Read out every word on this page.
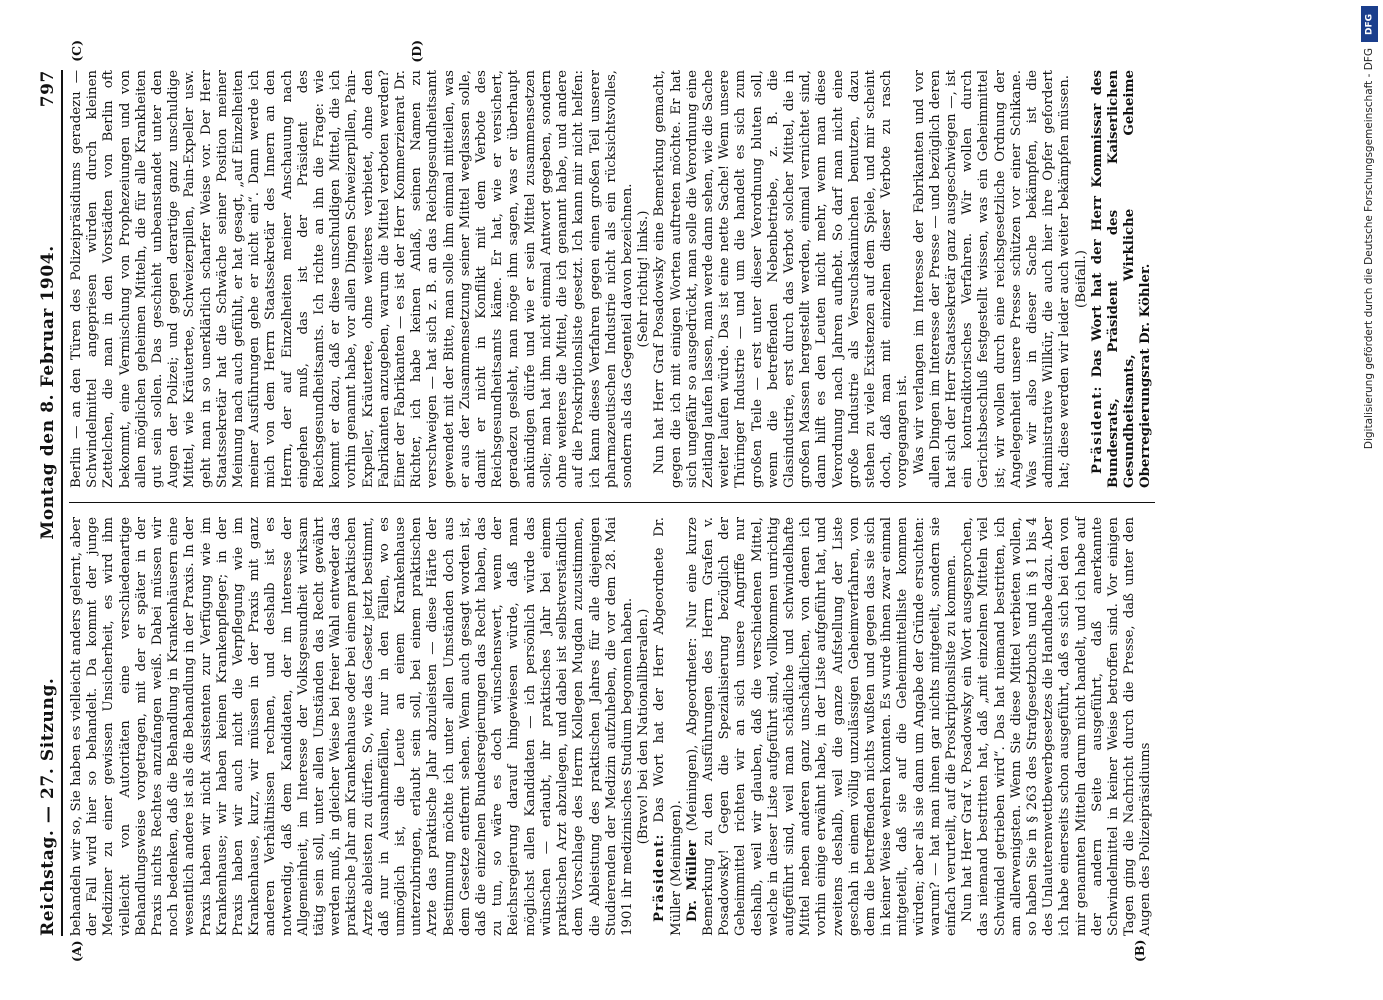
Reichstag. — 27. Sitzung.
Montag den 8. Februar 1904.
797
(A)	(B)

behandeln wir so, Sie haben es vielleicht anders gelernt, aber der Fall wird hier so behandelt. Da kommt der junge Mediziner zu einer gewissen Unsicherheit, es wird ihm vielleicht von Autoritäten eine verschiedenartige Behandlungsweise vorgetragen, mit der er später in der Praxis nichts Rechtes anzufangen weiß. Dabei müssen wir noch bedenken, daß die Behandlung in Krankenhäusern eine wesentlich andere ist als die Behandlung in der Praxis. In der Praxis haben wir nicht Assistenten zur Verfügung wie im Krankenhause; wir haben keinen Krankenpfleger; in der Praxis haben wir auch nicht die Verpflegung wie im Krankenhause, kurz, wir müssen in der Praxis mit ganz anderen Verhältnissen rechnen, und deshalb ist es notwendig, daß dem Kandidaten, der im Interesse der Allgemeinheit, im Interesse der Volksgesundheit wirksam tätig sein soll, unter allen Umständen das Recht gewährt werden muß, in gleicher Weise bei freier Wahl entweder das praktische Jahr am Krankenhause oder bei einem praktischen Arzte ableisten zu dürfen. So, wie das Gesetz jetzt bestimmt, daß nur in Ausnahmefällen, nur in den Fällen, wo es unmöglich ist, die Leute an einem Krankenhause unterzubringen, erlaubt sein soll, bei einem praktischen Arzte das praktische Jahr abzuleisten — diese Härte der Bestimmung möchte ich unter allen Umständen doch aus dem Gesetze entfernt sehen. Wenn auch gesagt worden ist, daß die einzelnen Bundesregierungen das Recht haben, das zu tun, so wäre es doch wünschenswert, wenn der Reichsregierung darauf hingewiesen würde, daß man möglichst allen Kandidaten — ich persönlich würde das wünschen — erlaubt, ihr praktisches Jahr bei einem praktischen Arzt abzulegen, und dabei ist selbstverständlich dem Vorschlage des Herrn Kollegen Mugdan zuzustimmen, die Ableistung des praktischen Jahres für alle diejenigen Studierenden der Medizin aufzuheben, die vor dem 28. Mai 1901 ihr medizinisches Studium begonnen haben. (Bravo! bei den Nationalliberalen.)

Präsident: Das Wort hat der Herr Abgeordnete Dr. Müller (Meiningen). Dr. Müller (Meiningen), Abgeordneter: Nur eine kurze Bemerkung zu den Ausführungen des Herrn Grafen v. Posadowsky! Gegen die Spezialisierung bezüglich der Geheimmittel richten wir an sich unsere Angriffe nur deshalb, weil wir glauben, daß die verschiedenen Mittel, welche in dieser Liste aufgeführt sind, vollkommen unrichtig aufgeführt sind, weil man schädliche und schwindelhafte Mittel neben anderen ganz unschädlichen, von denen ich vorhin einige erwähnt habe, in der Liste aufgeführt hat, und zweitens deshalb, weil die ganze Aufstellung der Liste geschah in einem völlig unzulässigen Geheimverfahren, von dem die betreffenden nichts wußten und gegen das sie sich in keiner Weise wehren konnten. Es wurde ihnen zwar einmal mitgeteilt, daß sie auf die Geheimmittelliste kommen würden; aber als sie dann um Angabe der Gründe ersuchten: warum? — hat man ihnen gar nichts mitgeteilt, sondern sie einfach verurteilt, auf die Proskriptionsliste zu kommen. Nun hat Herr Graf v. Posadowsky ein Wort ausgesprochen, das niemand bestritten hat, daß „mit einzelnen Mitteln viel Schwindel getrieben wird“. Das hat niemand bestritten, ich am allerwenigsten. Wenn Sie diese Mittel verbieten wollen, so haben Sie in § 263 des Strafgesetzbuchs und in § 1 bis 4 des Unlauterenwettbewerbgesetzes die Handhabe dazu. Aber ich habe einerseits schon ausgeführt, daß es sich bei den von mir genannten Mitteln darum nicht handelt, und ich habe auf der andern Seite ausgeführt, daß anerkannte Schwindelmittel in keiner Weise betroffen sind. Vor einigen Tagen ging die Nachricht durch die Presse, daß unter den Augen des Polizeipräsidiums

(C)	(D)

Berlin — an den Türen des Polizeipräsidiums geradezu — Schwindelmittel angepriesen würden durch kleinen Zettelchen, die man in den Vorstädten von Berlin oft bekommt, eine Vermischung von Prophezeiungen und von allen möglichen geheimen Mitteln, die für alle Krankheiten gut sein sollen. Das geschieht unbeanstandet unter den Augen der Polizei; und gegen derartige ganz unschuldige Mittel, wie Kräutertee, Schweizerpillen, Pain-Expeller usw. geht man in so unerklärlich scharfer Weise vor. Der Herr Staatssekretär hat die Schwäche seiner Position meiner Meinung nach auch gefühlt, er hat gesagt, „auf Einzelheiten meiner Ausführungen gehe er nicht ein“. Dann werde ich mich von dem Herrn Staatssekretär des Innern an den Herrn, der auf Einzelheiten meiner Anschauung nach eingehen muß, das ist der Präsident des Reichsgesundheitsamts. Ich richte an ihn die Frage: wie kommt er dazu, daß er diese unschuldigen Mittel, die ich vorhin genannt habe, vor allen Dingen Schweizerpillen, Pain-Expeller, Kräutertee, ohne weiteres verbietet, ohne den Fabrikanten anzugeben, warum die Mittel verboten werden? Einer der Fabrikanten — es ist der Herr Kommerzienrat Dr. Richter, ich habe keinen Anlaß, seinen Namen zu verschweigen — hat sich z. B. an das Reichsgesundheitsamt gewendet mit der Bitte, man solle ihm einmal mitteilen, was er aus der Zusammensetzung seiner Mittel weglassen solle, damit er nicht in Konflikt mit dem Verbote des Reichsgesundheitsamts käme. Er hat, wie er versichert, geradezu gesleht, man möge ihm sagen, was er überhaupt ankündigen dürfe und wie er sein Mittel zusammensetzen solle; man hat ihm nicht einmal Antwort gegeben, sondern ohne weiteres die Mittel, die ich genannt habe, und andere auf die Proskriptionsliste gesetzt. Ich kann mir nicht helfen: ich kann dieses Verfahren gegen einen großen Teil unserer pharmazeutischen Industrie nicht als ein rücksichtsvolles, sondern als das Gegenteil davon bezeichnen. (Sehr richtig! links.) Nun hat Herr Graf Posadowsky eine Bemerkung gemacht, gegen die ich mit einigen Worten auftreten möchte. Er hat sich ungefähr so ausgedrückt, man solle die Verordnung eine Zeitlang laufen lassen, man werde dann sehen, wie die Sache weiter laufen würde. Das ist eine nette Sache! Wenn unsere Thüringer Industrie — und um die handelt es sich zum großen Teile — erst unter dieser Verordnung bluten soll, wenn die betreffenden Nebenbetriebe, z. B. die Glasindustrie, erst durch das Verbot solcher Mittel, die in großen Massen hergestellt werden, einmal vernichtet sind, dann hilft es den Leuten nicht mehr, wenn man diese Verordnung nach Jahren aufhebt. So darf man nicht eine große Industrie als Versuchskaninchen benutzen, dazu stehen zu viele Existenzen auf dem Spiele, und mir scheint doch, daß man mit einzelnen dieser Verbote zu rasch vorgegangen ist. Was wir verlangen im Interesse der Fabrikanten und vor allen Dingen im Interesse der Presse — und bezüglich deren hat sich der Herr Staatssekretär ganz ausgeschwiegen —, ist ein kontradiktorisches Verfahren. Wir wollen durch Gerichtsbeschluß festgestellt wissen, was ein Geheimmittel ist; wir wollen durch eine reichsgesetzliche Ordnung der Angelegenheit unsere Presse schützen vor einer Schikane. Was wir also in dieser Sache bekämpfen, ist die administrative Willkür, die auch hier ihre Opfer gefordert hat; diese werden wir leider auch weiter bekämpfen müssen. (Beifall.)

Präsident: Das Wort hat der Herr Kommissar des Bundesrats, Präsident des Kaiserlichen Gesundheitsamts, Wirkliche Geheime Oberregierungsrat Dr. Köhler.

DFG
Digitalisierung gefördert durch die Deutsche Forschungsgemeinschaft - DFG
